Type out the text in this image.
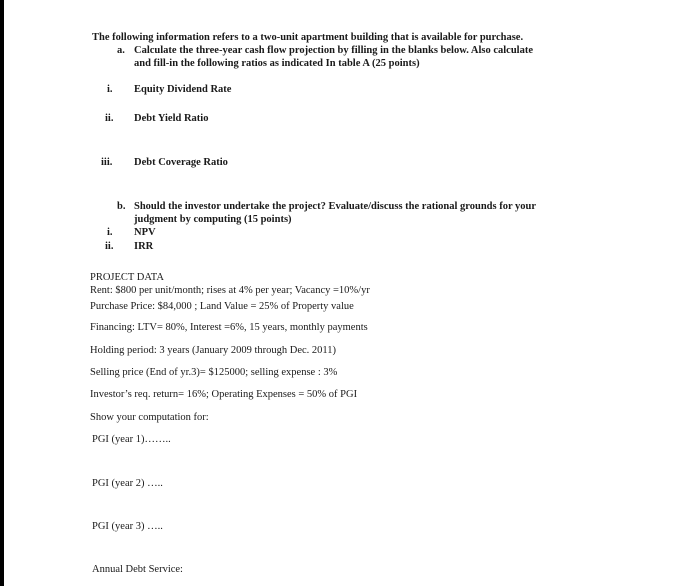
The following information refers to a two-unit apartment building that is available for purchase.
a. Calculate the three-year cash flow projection by filling in the blanks below. Also calculate
and fill-in the following ratios as indicated In table A (25 points)
i. Equity Dividend Rate
ii. Debt Yield Ratio
iii. Debt Coverage Ratio
b. Should the investor undertake the project? Evaluate/discuss the rational grounds for your
judgment by computing (15 points)
i. NPV
ii. IRR
PROJECT DATA
Rent: $800 per unit/month; rises at 4% per year; Vacancy =10%/yr
Purchase Price: $84,000 ; Land Value = 25% of Property value
Financing: LTV= 80%, Interest =6%, 15 years, monthly payments
Holding period: 3 years (January 2009 through Dec. 2011)
Selling price (End of yr.3)= $125000; selling expense : 3%
Investor’s req. return= 16%; Operating Expenses = 50% of PGI
Show your computation for:
PGI (year 1)……..
PGI (year 2) …..
PGI (year 3) …..
Annual Debt Service:
